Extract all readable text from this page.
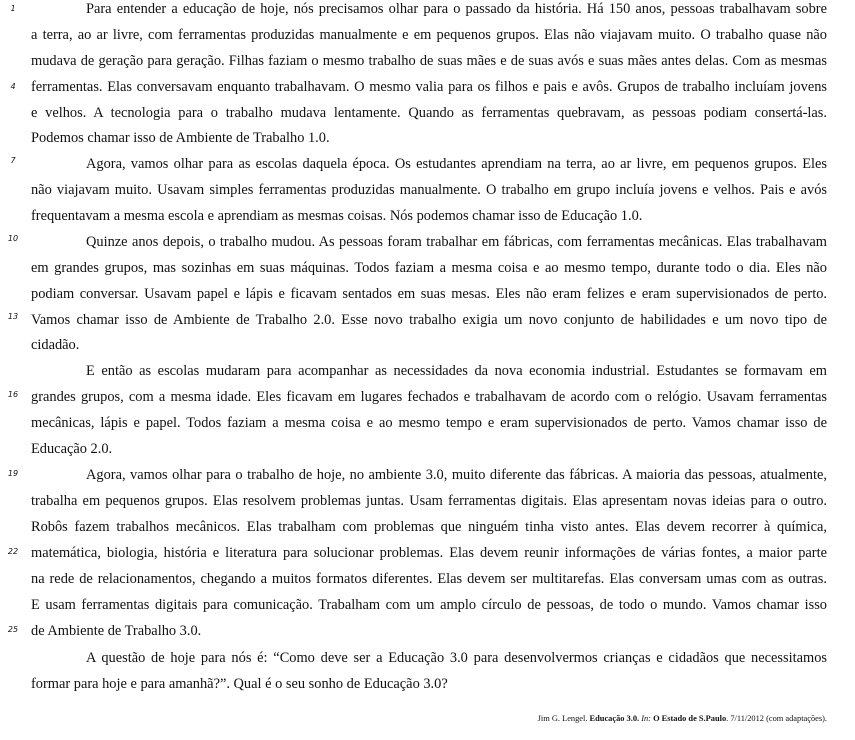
1
4
7
10
13
16
19
22
25
Para entender a educação de hoje, nós precisamos olhar para o passado da história. Há 150 anos, pessoas trabalhavam sobre
a terra, ao ar livre, com ferramentas produzidas manualmente e em pequenos grupos. Elas não viajavam muito. O trabalho quase não
mudava de geração para geração. Filhas faziam o mesmo trabalho de suas mães e de suas avós e suas mães antes delas. Com as mesmas
ferramentas. Elas conversavam enquanto trabalhavam. O mesmo valia para os filhos e pais e avôs. Grupos de trabalho incluíam jovens
e velhos. A tecnologia para o trabalho mudava lentamente. Quando as ferramentas quebravam, as pessoas podiam consertá-las.
Podemos chamar isso de Ambiente de Trabalho 1.0.
Agora, vamos olhar para as escolas daquela época. Os estudantes aprendiam na terra, ao ar livre, em pequenos grupos. Eles
não viajavam muito. Usavam simples ferramentas produzidas manualmente. O trabalho em grupo incluía jovens e velhos. Pais e avós
frequentavam a mesma escola e aprendiam as mesmas coisas. Nós podemos chamar isso de Educação 1.0.
Quinze anos depois, o trabalho mudou. As pessoas foram trabalhar em fábricas, com ferramentas mecânicas. Elas trabalhavam
em grandes grupos, mas sozinhas em suas máquinas. Todos faziam a mesma coisa e ao mesmo tempo, durante todo o dia. Eles não
podiam conversar. Usavam papel e lápis e ficavam sentados em suas mesas. Eles não eram felizes e eram supervisionados de perto.
Vamos chamar isso de Ambiente de Trabalho 2.0. Esse novo trabalho exigia um novo conjunto de habilidades e um novo tipo de
cidadão.
E então as escolas mudaram para acompanhar as necessidades da nova economia industrial. Estudantes se formavam em
grandes grupos, com a mesma idade. Eles ficavam em lugares fechados e trabalhavam de acordo com o relógio. Usavam ferramentas
mecânicas, lápis e papel. Todos faziam a mesma coisa e ao mesmo tempo e eram supervisionados de perto. Vamos chamar isso de
Educação 2.0.
Agora, vamos olhar para o trabalho de hoje, no ambiente 3.0, muito diferente das fábricas. A maioria das pessoas, atualmente,
trabalha em pequenos grupos. Elas resolvem problemas juntas. Usam ferramentas digitais. Elas apresentam novas ideias para o outro.
Robôs fazem trabalhos mecânicos. Elas trabalham com problemas que ninguém tinha visto antes. Elas devem recorrer à química,
matemática, biologia, história e literatura para solucionar problemas. Elas devem reunir informações de várias fontes, a maior parte
na rede de relacionamentos, chegando a muitos formatos diferentes. Elas devem ser multitarefas. Elas conversam umas com as outras.
E usam ferramentas digitais para comunicação. Trabalham com um amplo círculo de pessoas, de todo o mundo. Vamos chamar isso
de Ambiente de Trabalho 3.0.
A questão de hoje para nós é: “Como deve ser a Educação 3.0 para desenvolvermos crianças e cidadãos que necessitamos
formar para hoje e para amanhã?”. Qual é o seu sonho de Educação 3.0?
Jim G. Lengel. Educação 3.0. In: O Estado de S.Paulo. 7/11/2012 (com adaptações).
